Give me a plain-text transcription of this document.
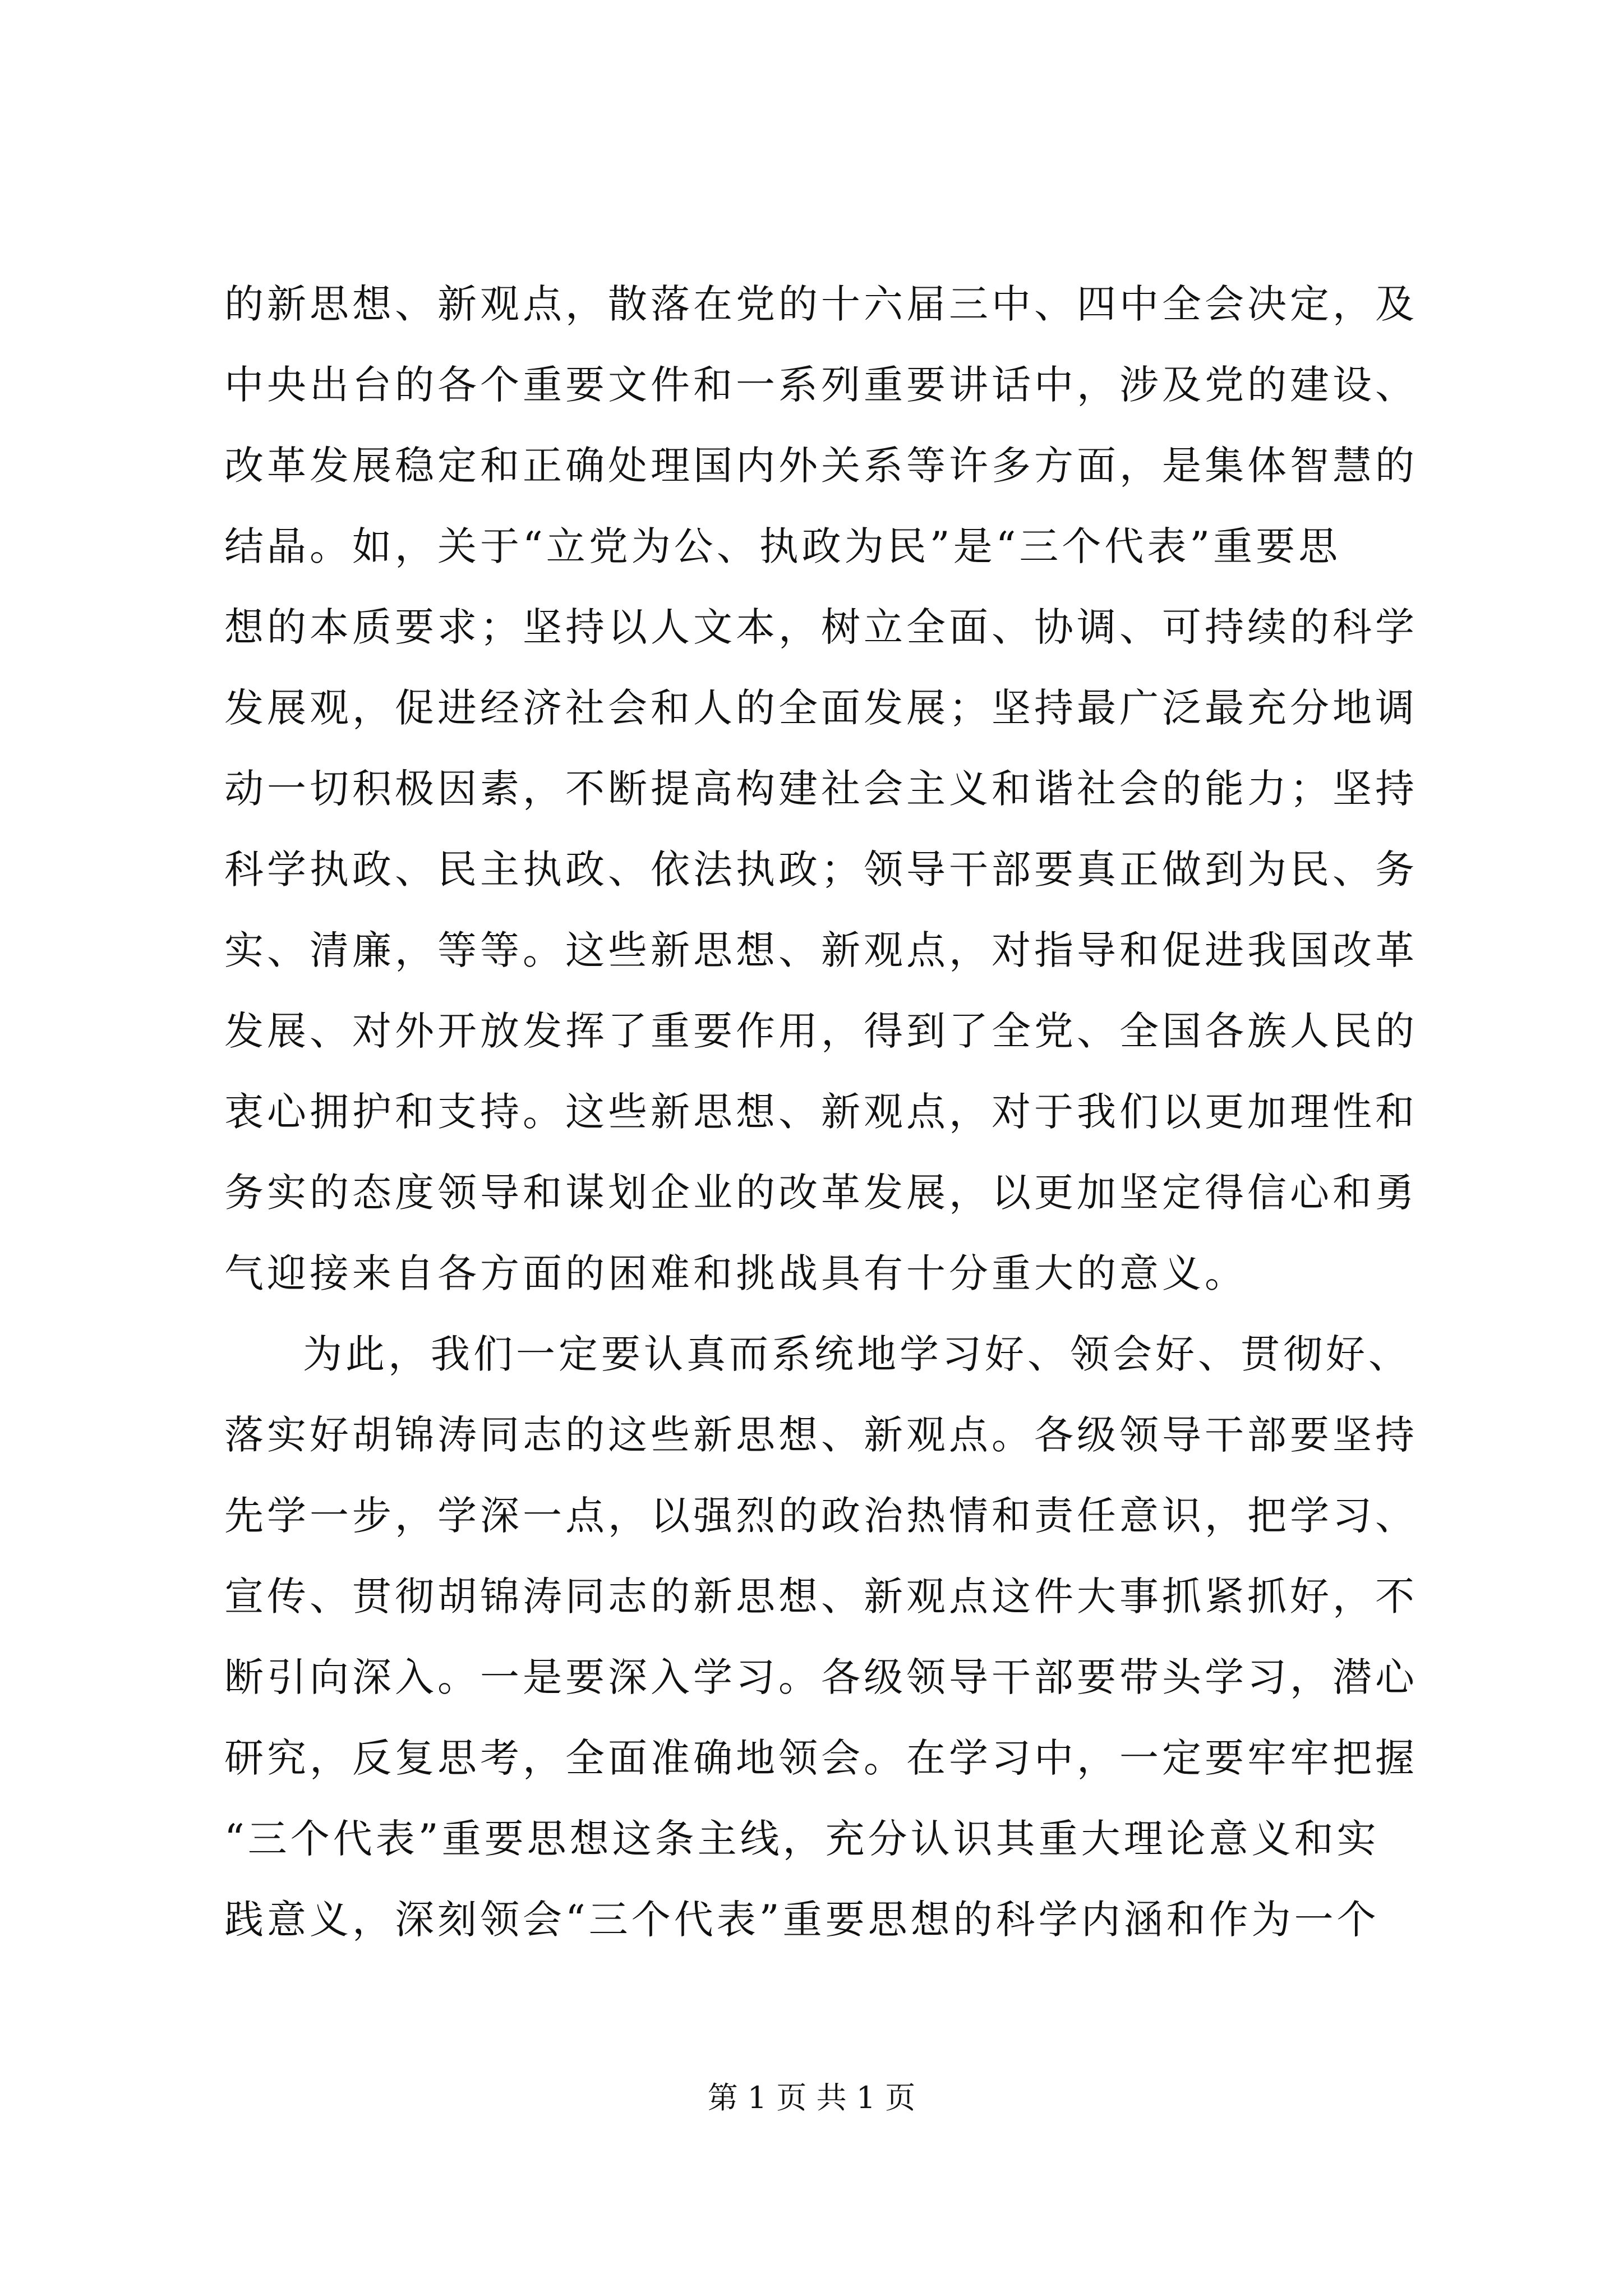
的新思想、新观点，散落在党的十六届三中、四中全会决定，及
中央出台的各个重要文件和一系列重要讲话中，涉及党的建设、
改革发展稳定和正确处理国内外关系等许多方面，是集体智慧的
结晶。如，关于“立党为公、执政为民”是“三个代表”重要思
想的本质要求；坚持以人文本，树立全面、协调、可持续的科学
发展观，促进经济社会和人的全面发展；坚持最广泛最充分地调
动一切积极因素，不断提高构建社会主义和谐社会的能力；坚持
科学执政、民主执政、依法执政；领导干部要真正做到为民、务
实、清廉，等等。这些新思想、新观点，对指导和促进我国改革
发展、对外开放发挥了重要作用，得到了全党、全国各族人民的
衷心拥护和支持。这些新思想、新观点，对于我们以更加理性和
务实的态度领导和谋划企业的改革发展，以更加坚定得信心和勇
气迎接来自各方面的困难和挑战具有十分重大的意义。
为此，我们一定要认真而系统地学习好、领会好、贯彻好、
落实好胡锦涛同志的这些新思想、新观点。各级领导干部要坚持
先学一步，学深一点，以强烈的政治热情和责任意识，把学习、
宣传、贯彻胡锦涛同志的新思想、新观点这件大事抓紧抓好，不
断引向深入。一是要深入学习。各级领导干部要带头学习，潜心
研究，反复思考，全面准确地领会。在学习中，一定要牢牢把握
“三个代表”重要思想这条主线，充分认识其重大理论意义和实
践意义，深刻领会“三个代表”重要思想的科学内涵和作为一个
第 1 页 共 1 页
